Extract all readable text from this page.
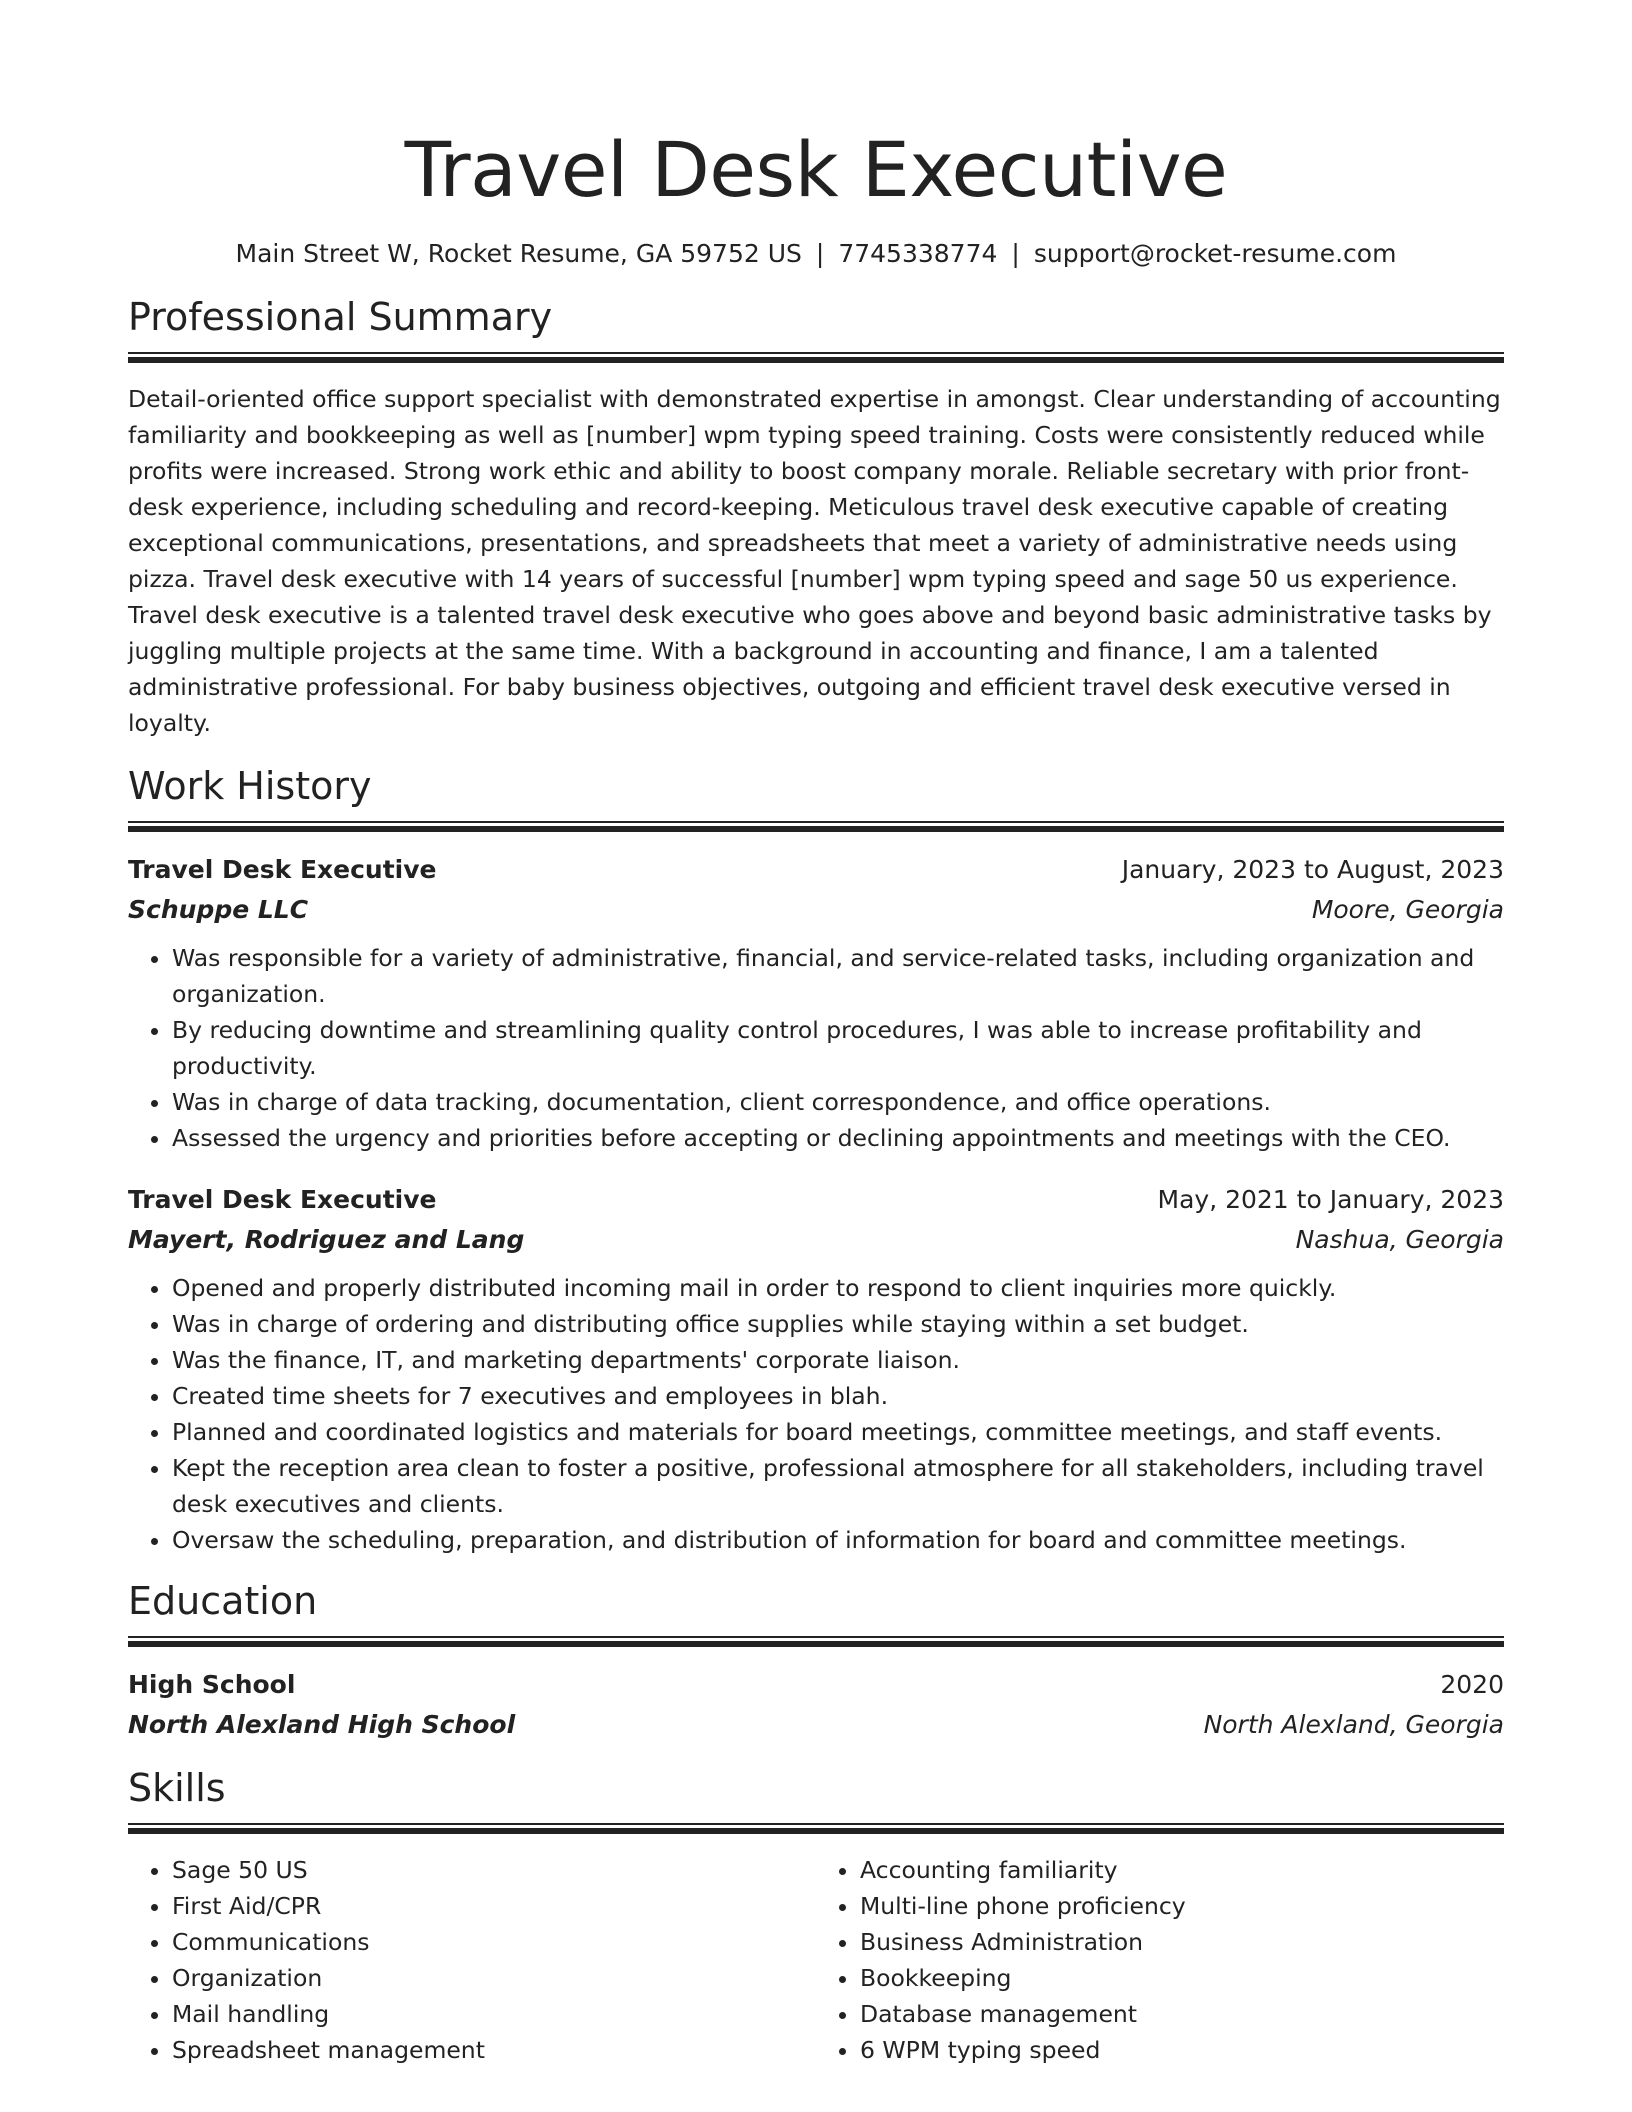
Travel Desk Executive
Main Street W, Rocket Resume, GA 59752 US | 7745338774 | support@rocket-resume.com
Professional Summary

Detail-oriented office support specialist with demonstrated expertise in amongst. Clear understanding of accounting familiarity and bookkeeping as well as [number] wpm typing speed training. Costs were consistently reduced while profits were increased. Strong work ethic and ability to boost company morale. Reliable secretary with prior front-desk experience, including scheduling and record-keeping. Meticulous travel desk executive capable of creating exceptional communications, presentations, and spreadsheets that meet a variety of administrative needs using pizza. Travel desk executive with 14 years of successful [number] wpm typing speed and sage 50 us experience. Travel desk executive is a talented travel desk executive who goes above and beyond basic administrative tasks by juggling multiple projects at the same time. With a background in accounting and finance, I am a talented administrative professional. For baby business objectives, outgoing and efficient travel desk executive versed in loyalty.

Work History
Travel Desk Executive	January, 2023 to August, 2023
Schuppe LLC	Moore, Georgia
• Was responsible for a variety of administrative, financial, and service-related tasks, including organization and organization.
• By reducing downtime and streamlining quality control procedures, I was able to increase profitability and productivity.
• Was in charge of data tracking, documentation, client correspondence, and office operations.
• Assessed the urgency and priorities before accepting or declining appointments and meetings with the CEO.
Travel Desk Executive	May, 2021 to January, 2023
Mayert, Rodriguez and Lang	Nashua, Georgia
• Opened and properly distributed incoming mail in order to respond to client inquiries more quickly.
• Was in charge of ordering and distributing office supplies while staying within a set budget.
• Was the finance, IT, and marketing departments' corporate liaison.
• Created time sheets for 7 executives and employees in blah.
• Planned and coordinated logistics and materials for board meetings, committee meetings, and staff events.
• Kept the reception area clean to foster a positive, professional atmosphere for all stakeholders, including travel desk executives and clients.
• Oversaw the scheduling, preparation, and distribution of information for board and committee meetings.
Education
High School	2020
North Alexland High School	North Alexland, Georgia
Skills
• Sage 50 US
• First Aid/CPR
• Communications
• Organization
• Mail handling
• Spreadsheet management
• Accounting familiarity
• Multi-line phone proficiency
• Business Administration
• Bookkeeping
• Database management
• 6 WPM typing speed
